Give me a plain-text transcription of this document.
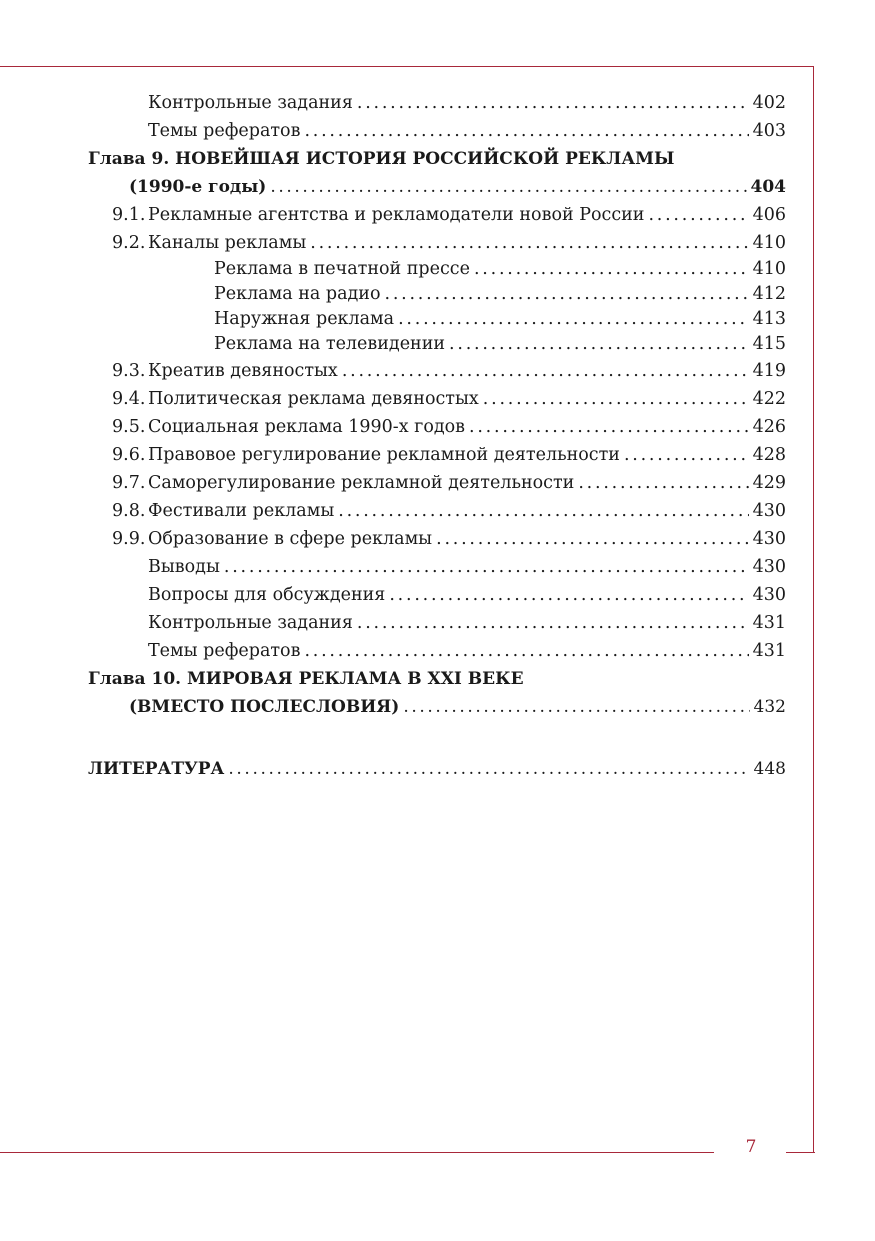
7
Контрольные задания . . .	402
Темы рефератов . . .	403
Глава 9. НОВЕЙШАЯ ИСТОРИЯ РОССИЙСКОЙ РЕКЛАМЫ
(1990-е годы) . . .	404
9.1. Рекламные агентства и рекламодатели новой России . . .	406
9.2. Каналы рекламы . . .	410
Реклама в печатной прессе . . .	410
Реклама на радио . . .	412
Наружная реклама . . .	413
Реклама на телевидении . . .	415
9.3. Креатив девяностых . . .	419
9.4. Политическая реклама девяностых . . .	422
9.5. Социальная реклама 1990-х годов . . .	426
9.6. Правовое регулирование рекламной деятельности . . .	428
9.7. Саморегулирование рекламной деятельности . . .	429
9.8. Фестивали рекламы . . .	430
9.9. Образование в сфере рекламы . . .	430
Выводы . . .	430
Вопросы для обсуждения . . .	430
Контрольные задания . . .	431
Темы рефератов . . .	431
Глава 10. МИРОВАЯ РЕКЛАМА В XXI ВЕКЕ
(ВМЕСТО ПОСЛЕСЛОВИЯ) . . .	432
ЛИТЕРАТУРА . . .	448
